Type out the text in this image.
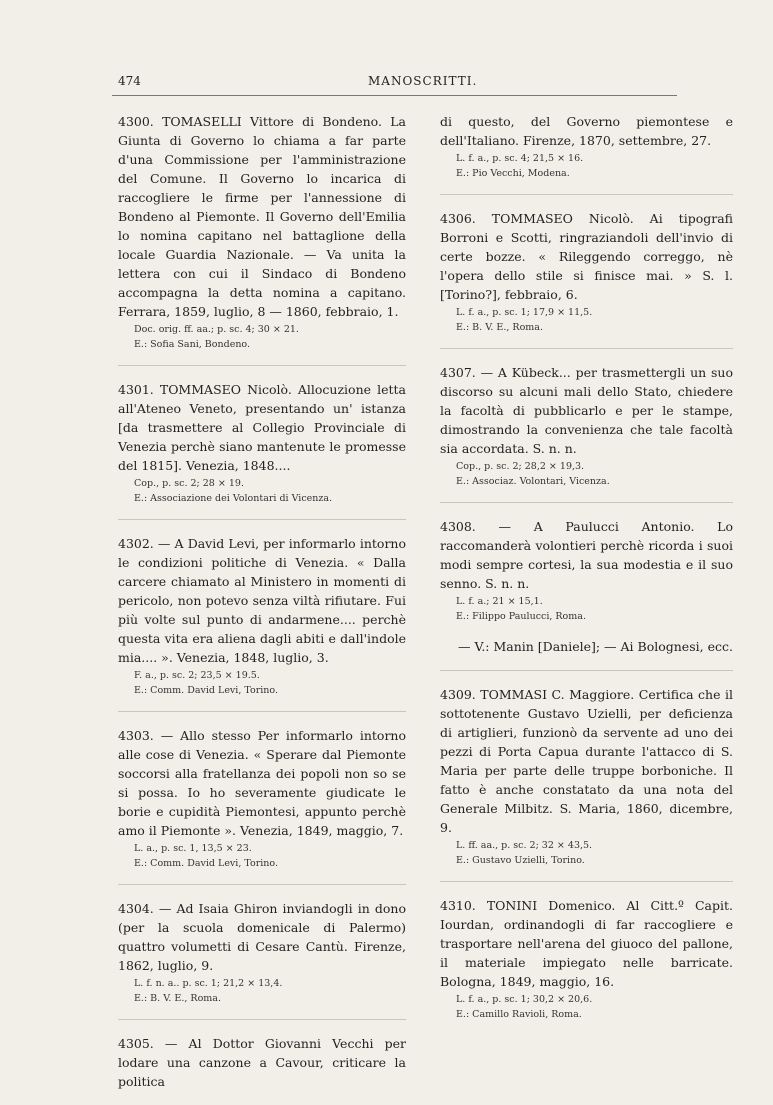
474	MANOSCRITTI.

4300. TOMASELLI Vittore di Bondeno. La Giunta di Governo lo chiama a far parte d'una Commissione per l'amministrazione del Comune. Il Governo lo incarica di raccogliere le firme per l'annessione di Bondeno al Piemonte. Il Governo dell'Emilia lo nomina capitano nel battaglione della locale Guardia Nazionale. — Va unita la lettera con cui il Sindaco di Bondeno accompagna la detta nomina a capitano. Ferrara, 1859, luglio, 8 — 1860, febbraio, 1.

Doc. orig. ff. aa.; p. sc. 4; 30 × 21.
E.: Sofia Sani, Bondeno.

4301. TOMMASEO Nicolò. Allocuzione letta all'Ateneo Veneto, presentando un' istanza [da trasmettere al Collegio Provinciale di Venezia perchè siano mantenute le promesse del 1815]. Venezia, 1848....

Cop., p. sc. 2; 28 × 19.
E.: Associazione dei Volontari di Vicenza.

4302. — A David Levi, per informarlo intorno le condizioni politiche di Venezia. « Dalla carcere chiamato al Ministero in momenti di pericolo, non potevo senza viltà rifiutare. Fui più volte sul punto di andarmene.... perchè questa vita era aliena dagli abiti e dall'indole mia.... ». Venezia, 1848, luglio, 3.

F. a., p. sc. 2; 23,5 × 19.5.
E.: Comm. David Levi, Torino.

4303. — Allo stesso Per informarlo intorno alle cose di Venezia. « Sperare dal Piemonte soccorsi alla fratellanza dei popoli non so se si possa. Io ho severamente giudicate le borie e cupidità Piemontesi, appunto perchè amo il Piemonte ». Venezia, 1849, maggio, 7.

L. a., p. sc. 1, 13,5 × 23.
E.: Comm. David Levi, Torino.

4304. — Ad Isaia Ghiron inviandogli in dono (per la scuola domenicale di Palermo) quattro volumetti di Cesare Cantù. Firenze, 1862, luglio, 9.

L. f. n. a.. p. sc. 1; 21,2 × 13,4.
E.: B. V. E., Roma.

4305. — Al Dottor Giovanni Vecchi per lodare una canzone a Cavour, criticare la politica

di questo, del Governo piemontese e dell'Italiano. Firenze, 1870, settembre, 27.

L. f. a., p. sc. 4; 21,5 × 16.
E.: Pio Vecchi, Modena.

4306. TOMMASEO Nicolò. Ai tipografi Borroni e Scotti, ringraziandoli dell'invio di certe bozze. « Rileggendo correggo, nè l'opera dello stile si finisce mai. » S. l. [Torino?], febbraio, 6.

L. f. a., p. sc. 1; 17,9 × 11,5.
E.: B. V. E., Roma.

4307. — A Kübeck... per trasmettergli un suo discorso su alcuni mali dello Stato, chiedere la facoltà di pubblicarlo e per le stampe, dimostrando la convenienza che tale facoltà sia accordata. S. n. n.

Cop., p. sc. 2; 28,2 × 19,3.
E.: Associaz. Volontari, Vicenza.

4308. — A Paulucci Antonio. Lo raccomanderà volontieri perchè ricorda i suoi modi sempre cortesi, la sua modestia e il suo senno. S. n. n.

L. f. a.; 21 × 15,1.
E.: Filippo Paulucci, Roma.

— V.: Manin [Daniele]; — Ai Bolognesi, ecc.

4309. TOMMASI C. Maggiore. Certifica che il sottotenente Gustavo Uzielli, per deficienza di artiglieri, funzionò da servente ad uno dei pezzi di Porta Capua durante l'attacco di S. Maria per parte delle truppe borboniche. Il fatto è anche constatato da una nota del Generale Milbitz. S. Maria, 1860, dicembre, 9.

L. ff. aa., p. sc. 2; 32 × 43,5.
E.: Gustavo Uzielli, Torino.

4310. TONINI Domenico. Al Citt.º Capit. Iourdan, ordinandogli di far raccogliere e trasportare nell'arena del giuoco del pallone, il materiale impiegato nelle barricate. Bologna, 1849, maggio, 16.

L. f. a., p. sc. 1; 30,2 × 20,6.
E.: Camillo Ravioli, Roma.
